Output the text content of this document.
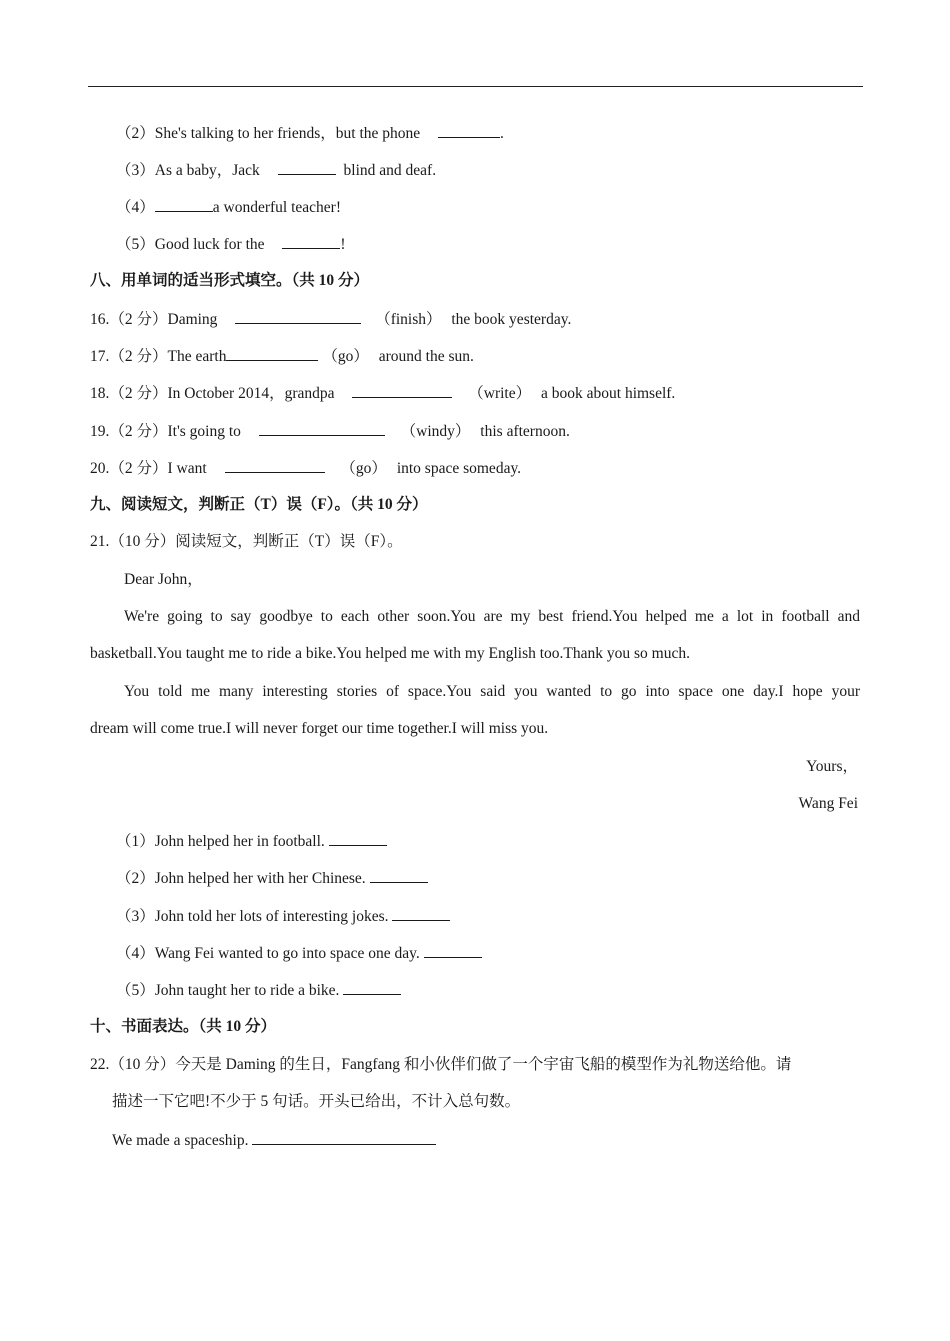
（2）She's talking to her friends，but the phone	.
（3）As a baby，Jack	blind and deaf.
（4）	a wonderful teacher!
（5）Good luck for the	!
八、用单词的适当形式填空。（共 10 分）
16.（2 分）Daming	（finish） the book yesterday.
17.（2 分）The earth	（go） around the sun.
18.（2 分）In October 2014，grandpa	（write） a book about himself.
19.（2 分）It's going to	（windy） this afternoon.
20.（2 分）I want	（go） into space someday.
九、阅读短文，判断正（T）误（F）。（共 10 分）
21.（10 分）阅读短文，判断正（T）误（F）。
Dear John，
We're going to say goodbye to each other soon.You are my best friend.You helped me a lot in football and
basketball.You taught me to ride a bike.You helped me with my English too.Thank you so much.
You told me many interesting stories of space.You said you wanted to go into space one day.I hope your
dream will come true.I will never forget our time together.I will miss you.
Yours，
Wang Fei
（1）John helped her in football.
（2）John helped her with her Chinese.
（3）John told her lots of interesting jokes.
（4）Wang Fei wanted to go into space one day.
（5）John taught her to ride a bike.
十、书面表达。（共 10 分）
22.（10 分）今天是 Daming 的生日，Fangfang 和小伙伴们做了一个宇宙飞船的模型作为礼物送给他。请
描述一下它吧!不少于 5 句话。开头已给出，不计入总句数。
We made a spaceship.
